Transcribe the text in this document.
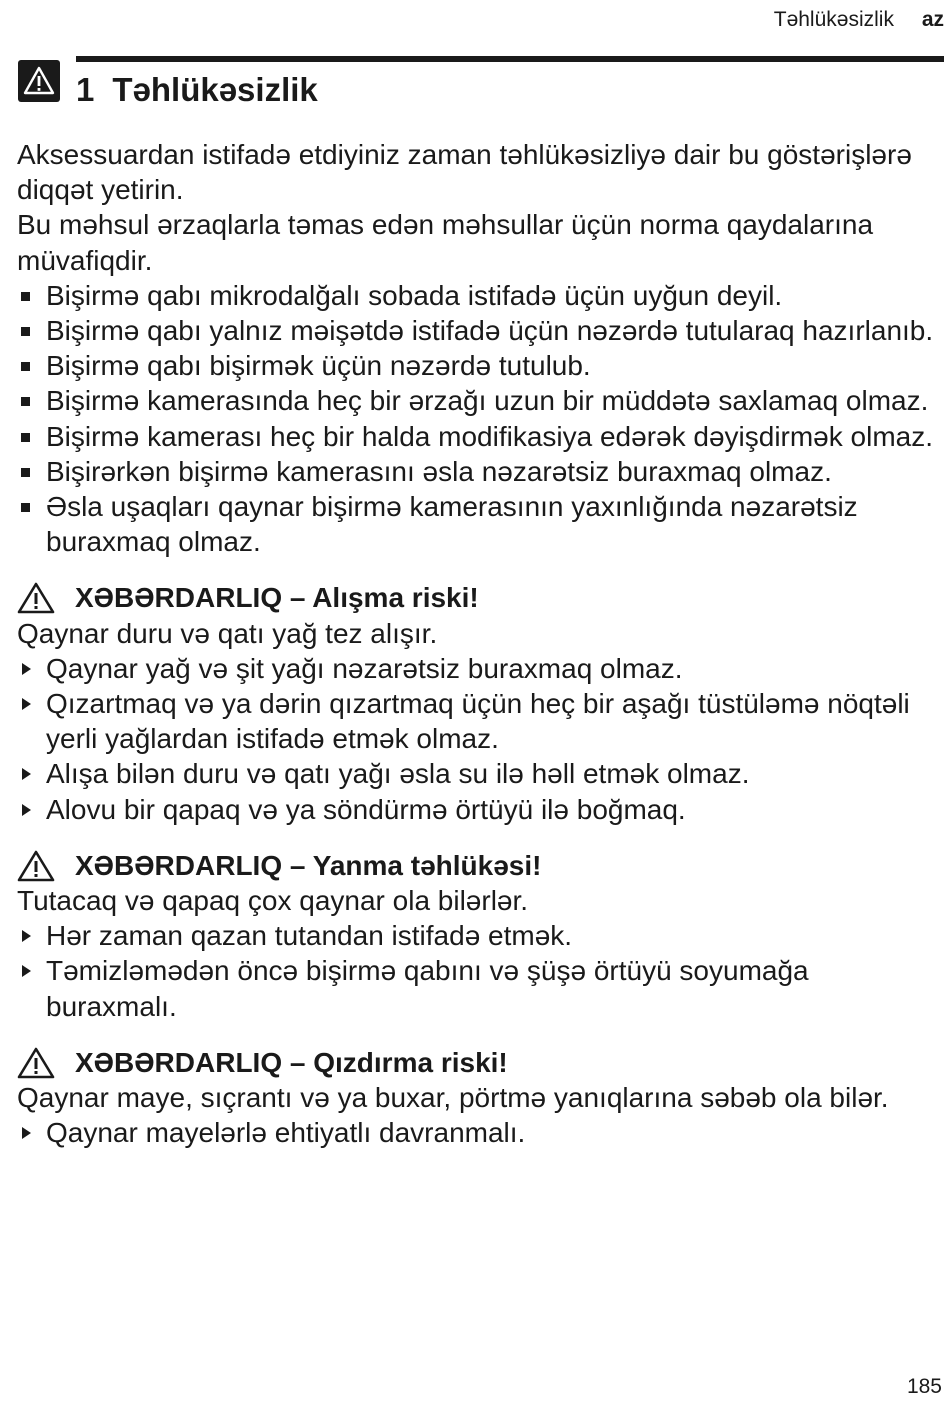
Təhlükəsizlik az
1 Təhlükəsizlik

Aksessuardan istifadə etdiyiniz zaman təhlükəsizliyə dair bu göstərişlərə diqqət yetirin.

Bu məhsul ərzaqlarla təmas edən məhsullar üçün norma qaydalarına müvafiqdir.

Bişirmə qabı mikrodalğalı sobada istifadə üçün uyğun deyil.
Bişirmə qabı yalnız məişətdə istifadə üçün nəzərdə tutularaq hazırlanıb.
Bişirmə qabı bişirmək üçün nəzərdə tutulub.
Bişirmə kamerasında heç bir ərzağı uzun bir müddətə saxlamaq olmaz.
Bişirmə kamerası heç bir halda modifikasiya edərək dəyişdirmək olmaz.
Bişirərkən bişirmə kamerasını əsla nəzarətsiz buraxmaq olmaz.
Əsla uşaqları qaynar bişirmə kamerasının yaxınlığında nəzarətsiz buraxmaq olmaz.
XƏBƏRDARLIQ – Alışma riski!

Qaynar duru və qatı yağ tez alışır.

Qaynar yağ və şit yağı nəzarətsiz buraxmaq olmaz.
Qızartmaq və ya dərin qızartmaq üçün heç bir aşağı tüstüləmə nöqtəli yerli yağlardan istifadə etmək olmaz.
Alışa bilən duru və qatı yağı əsla su ilə həll etmək olmaz.
Alovu bir qapaq və ya söndürmə örtüyü ilə boğmaq.
XƏBƏRDARLIQ – Yanma təhlükəsi!

Tutacaq və qapaq çox qaynar ola bilərlər.

Hər zaman qazan tutandan istifadə etmək.
Təmizləmədən öncə bişirmə qabını və şüşə örtüyü soyumağa buraxmalı.
XƏBƏRDARLIQ – Qızdırma riski!

Qaynar maye, sıçrantı və ya buxar, pörtmə yanıqlarına səbəb ola bilər.

Qaynar mayelərlə ehtiyatlı davranmalı.
185
